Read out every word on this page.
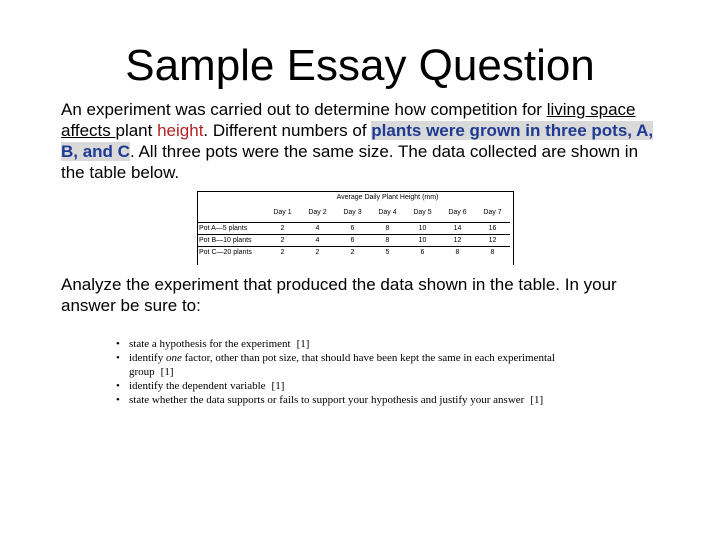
Sample Essay Question
An experiment was carried out to determine how competition for living space affects plant height. Different numbers of plants were grown in three pots, A, B, and C. All three pots were the same size. The data collected are shown in the table below.
	Average Daily Plant Height (mm)						
	Day 1	Day 2	Day 3	Day 4	Day 5	Day 6	Day 7
Pot A—5 plants	2	4	6	8	10	14	16
Pot B—10 plants	2	4	6	8	10	12	12
Pot C—20 plants	2	2	2	5	6	8	8
Analyze the experiment that produced the data shown in the table. In your answer be sure to:
• state a hypothesis for the experiment [1]
• identify one factor, other than pot size, that should have been kept the same in each experimental group [1]
• identify the dependent variable [1]
• state whether the data supports or fails to support your hypothesis and justify your answer [1]
